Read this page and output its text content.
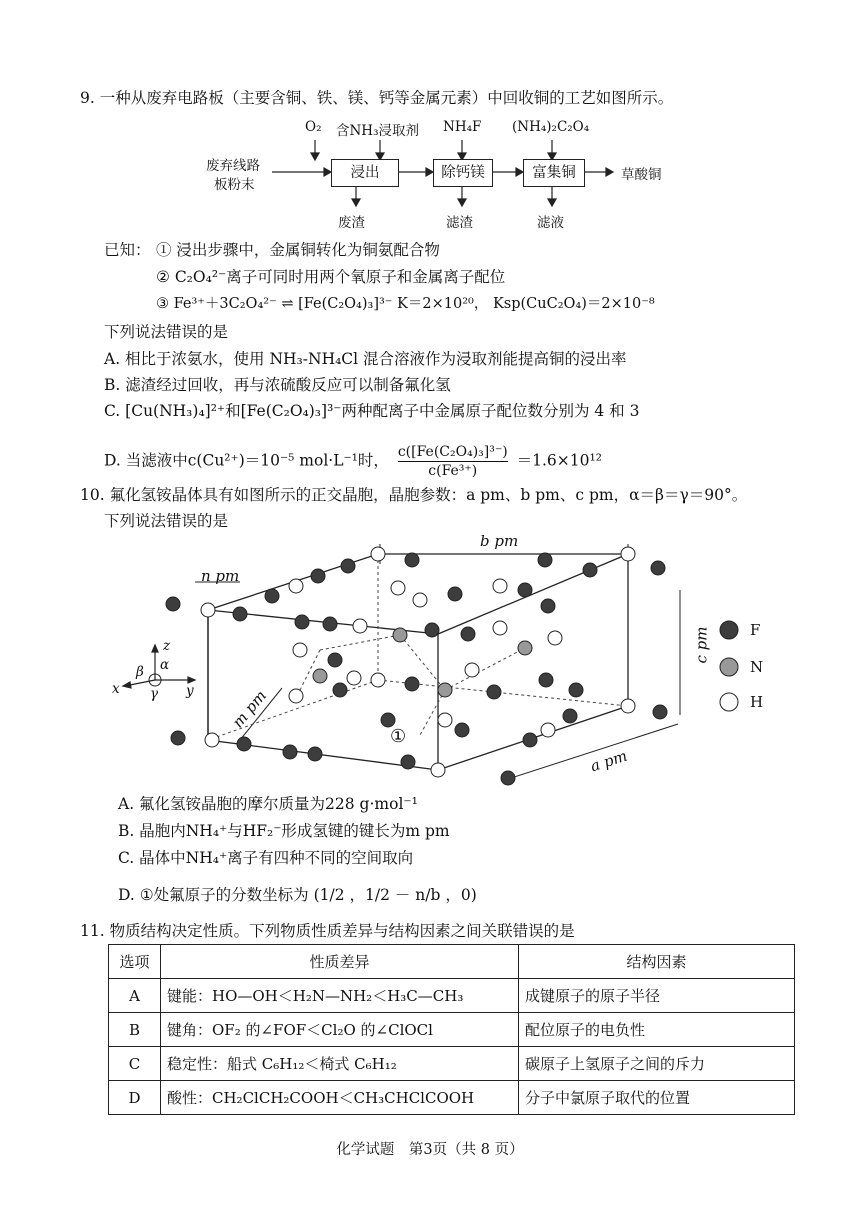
9. 一种从废弃电路板（主要含铜、铁、镁、钙等金属元素）中回收铜的工艺如图所示。
浸出	除钙镁	富集铜
废弃线路
板粉末
O₂ 含NH₃浸取剂 NH₄F (NH₄)₂C₂O₄
草酸铜
废渣	滤渣	滤液
已知： ① 浸出步骤中，金属铜转化为铜氨配合物
② C₂O₄²⁻离子可同时用两个氧原子和金属离子配位
③ Fe³⁺＋3C₂O₄²⁻ ⇌ [Fe(C₂O₄)₃]³⁻ K＝2×10²⁰， Ksp(CuC₂O₄)＝2×10⁻⁸
下列说法错误的是
A. 相比于浓氨水，使用 NH₃-NH₄Cl 混合溶液作为浸取剂能提高铜的浸出率
B. 滤渣经过回收，再与浓硫酸反应可以制备氟化氢
C. [Cu(NH₃)₄]²⁺和[Fe(C₂O₄)₃]³⁻两种配离子中金属原子配位数分别为 4 和 3
D. 当滤液中c(Cu²⁺)＝10⁻⁵ mol·L⁻¹时， $\frac{\text{c([Fe(C₂O₄)₃]³⁻)}}{\text{c(Fe³⁺)}} =1.6\times 10^{12}$
10. 氟化氢铵晶体具有如图所示的正交晶胞，晶胞参数：a pm、b pm、c pm，α＝β＝γ＝90°。
下列说法错误的是
b pm
n pm
c pm
a pm
m pm
①
z
x	y
α
β
γ
F
N
H
A. 氟化氢铵晶胞的摩尔质量为228 g·mol⁻¹
B. 晶胞内NH₄⁺与HF₂⁻形成氢键的键长为m pm
C. 晶体中NH₄⁺离子有四种不同的空间取向
D. ①处氟原子的分数坐标为 (1/2 ，1/2 － n/b ，0)
11. 物质结构决定性质。下列物质性质差异与结构因素之间关联错误的是
选项	性质差异	结构因素
A	键能：HO—OH＜H₂N—NH₂＜H₃C—CH₃	成键原子的原子半径
B	键角：OF₂ 的∠FOF＜Cl₂O 的∠ClOCl	配位原子的电负性
C	稳定性：船式 C₆H₁₂＜椅式 C₆H₁₂	碳原子上氢原子之间的斥力
D	酸性：CH₂ClCH₂COOH＜CH₃CHClCOOH	分子中氯原子取代的位置
化学试题　第3页（共 8 页）
